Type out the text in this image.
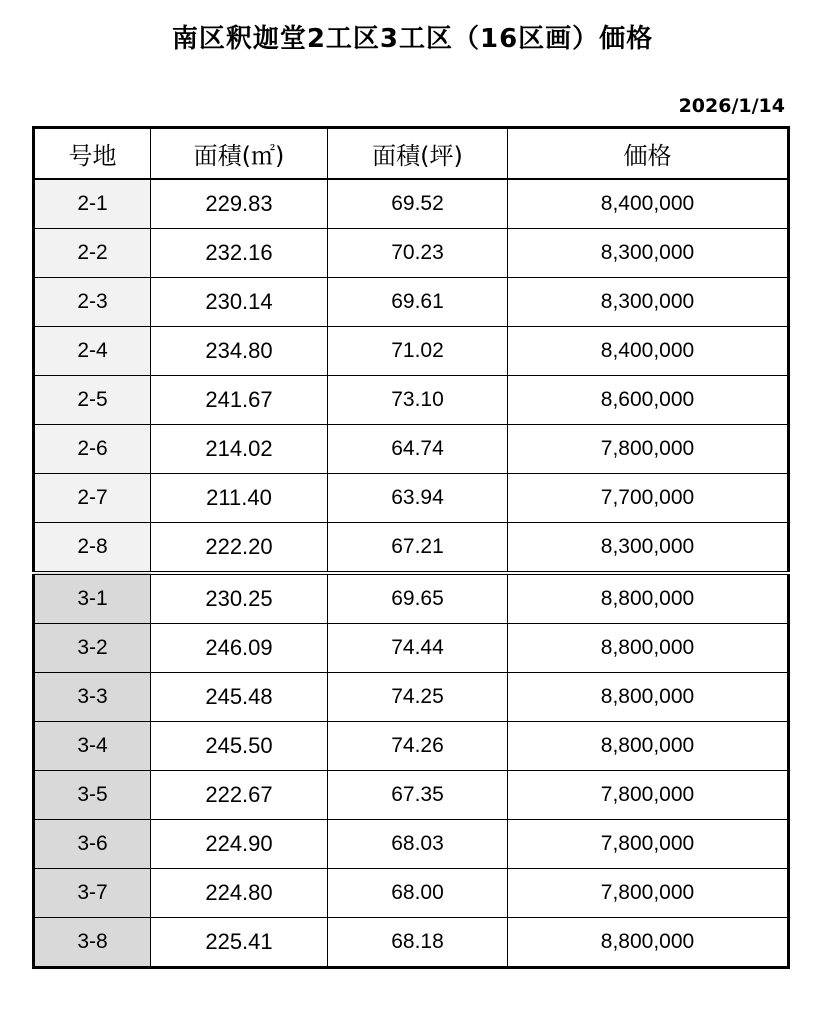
南区釈迦堂2工区3工区（16区画）価格
2026/1/14
号地	面積(㎡)	面積(坪)	価格
2-1	229.83	69.52	8,400,000
2-2	232.16	70.23	8,300,000
2-3	230.14	69.61	8,300,000
2-4	234.80	71.02	8,400,000
2-5	241.67	73.10	8,600,000
2-6	214.02	64.74	7,800,000
2-7	211.40	63.94	7,700,000
2-8	222.20	67.21	8,300,000
3-1	230.25	69.65	8,800,000
3-2	246.09	74.44	8,800,000
3-3	245.48	74.25	8,800,000
3-4	245.50	74.26	8,800,000
3-5	222.67	67.35	7,800,000
3-6	224.90	68.03	7,800,000
3-7	224.80	68.00	7,800,000
3-8	225.41	68.18	8,800,000
